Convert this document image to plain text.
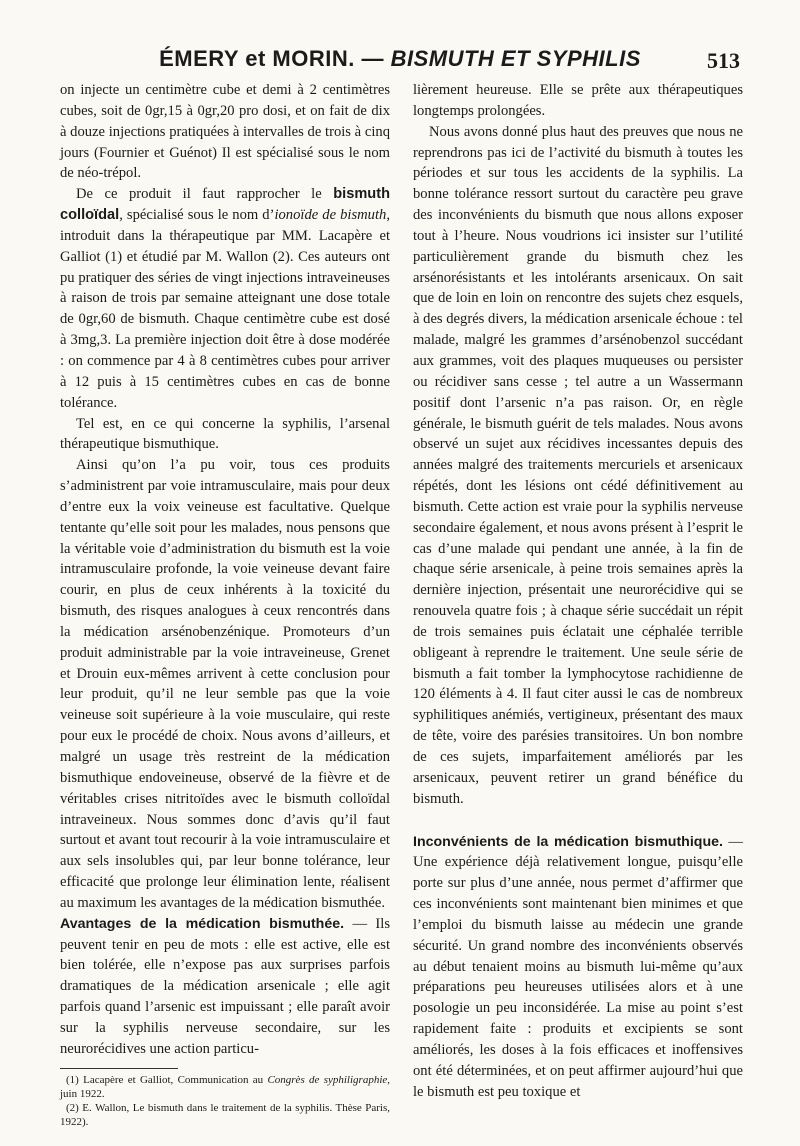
ÉMERY et MORIN. — BISMUTH ET SYPHILIS	513

on injecte un centimètre cube et demi à 2 centimètres cubes, soit de 0gr,15 à 0gr,20 pro dosi, et on fait de dix à douze injections pratiquées à intervalles de trois à cinq jours (Fournier et Guénot) Il est spécialisé sous le nom de néo-trépol.

De ce produit il faut rapprocher le bismuth colloïdal, spécialisé sous le nom d’ionoïde de bismuth, introduit dans la thérapeutique par MM. Lacapère et Galliot (1) et étudié par M. Wallon (2). Ces auteurs ont pu pratiquer des séries de vingt injections intraveineuses à raison de trois par semaine atteignant une dose totale de 0gr,60 de bismuth. Chaque centimètre cube est dosé à 3mg,3. La première injection doit être à dose modérée : on commence par 4 à 8 centimètres cubes pour arriver à 12 puis à 15 centimètres cubes en cas de bonne tolérance.

Tel est, en ce qui concerne la syphilis, l’arsenal thérapeutique bismuthique.

Ainsi qu’on l’a pu voir, tous ces produits s’administrent par voie intramusculaire, mais pour deux d’entre eux la voix veineuse est facultative. Quelque tentante qu’elle soit pour les malades, nous pensons que la véritable voie d’administration du bismuth est la voie intramusculaire profonde, la voie veineuse devant faire courir, en plus de ceux inhérents à la toxicité du bismuth, des risques analogues à ceux rencontrés dans la médication arsénobenzénique. Promoteurs d’un produit administrable par la voie intraveineuse, Grenet et Drouin eux-mêmes arrivent à cette conclusion pour leur produit, qu’il ne leur semble pas que la voie veineuse soit supérieure à la voie musculaire, qui reste pour eux le procédé de choix. Nous avons d’ailleurs, et malgré un usage très restreint de la médication bismuthique endoveineuse, observé de la fièvre et de véritables crises nitritoïdes avec le bismuth colloïdal intraveineux. Nous sommes donc d’avis qu’il faut surtout et avant tout recourir à la voie intramusculaire et aux sels insolubles qui, par leur bonne tolérance, leur efficacité que prolonge leur élimination lente, réalisent au maximum les avantages de la médication bismuthée.

Avantages de la médication bismuthée. — Ils peuvent tenir en peu de mots : elle est active, elle est bien tolérée, elle n’expose pas aux surprises parfois dramatiques de la médication arsenicale ; elle agit parfois quand l’arsenic est impuissant ; elle paraît avoir sur la syphilis nerveuse secondaire, sur les neurorécidives une action particu-

(1) Lacapère et Galliot, Communication au Congrès de syphiligraphie, juin 1922.

(2) E. Wallon, Le bismuth dans le traitement de la syphilis. Thèse Paris, 1922).

lièrement heureuse. Elle se prête aux thérapeutiques longtemps prolongées.

Nous avons donné plus haut des preuves que nous ne reprendrons pas ici de l’activité du bismuth à toutes les périodes et sur tous les accidents de la syphilis. La bonne tolérance ressort surtout du caractère peu grave des inconvénients du bismuth que nous allons exposer tout à l’heure. Nous voudrions ici insister sur l’utilité particulièrement grande du bismuth chez les arsénorésistants et les intolérants arsenicaux. On sait que de loin en loin on rencontre des sujets chez esquels, à des degrés divers, la médication arsenicale échoue : tel malade, malgré les grammes d’arsénobenzol succédant aux grammes, voit des plaques muqueuses ou persister ou récidiver sans cesse ; tel autre a un Wassermann positif dont l’arsenic n’a pas raison. Or, en règle générale, le bismuth guérit de tels malades. Nous avons observé un sujet aux récidives incessantes depuis des années malgré des traitements mercuriels et arsenicaux répétés, dont les lésions ont cédé définitivement au bismuth. Cette action est vraie pour la syphilis nerveuse secondaire également, et nous avons présent à l’esprit le cas d’une malade qui pendant une année, à la fin de chaque série arsenicale, à peine trois semaines après la dernière injection, présentait une neurorécidive qui se renouvela quatre fois ; à chaque série succédait un répit de trois semaines puis éclatait une céphalée terrible obligeant à reprendre le traitement. Une seule série de bismuth a fait tomber la lymphocytose rachidienne de 120 éléments à 4. Il faut citer aussi le cas de nombreux syphilitiques anémiés, vertigineux, présentant des maux de tête, voire des parésies transitoires. Un bon nombre de ces sujets, imparfaitement améliorés par les arsenicaux, peuvent retirer un grand bénéfice du bismuth.

Inconvénients de la médication bismuthique. — Une expérience déjà relativement longue, puisqu’elle porte sur plus d’une année, nous permet d’affirmer que ces inconvénients sont maintenant bien minimes et que l’emploi du bismuth laisse au médecin une grande sécurité. Un grand nombre des inconvénients observés au début tenaient moins au bismuth lui-même qu’aux préparations peu heureuses utilisées alors et à une posologie un peu inconsidérée. La mise au point s’est rapidement faite : produits et excipients se sont améliorés, les doses à la fois efficaces et inoffensives ont été déterminées, et on peut affirmer aujourd’hui que le bismuth est peu toxique et
